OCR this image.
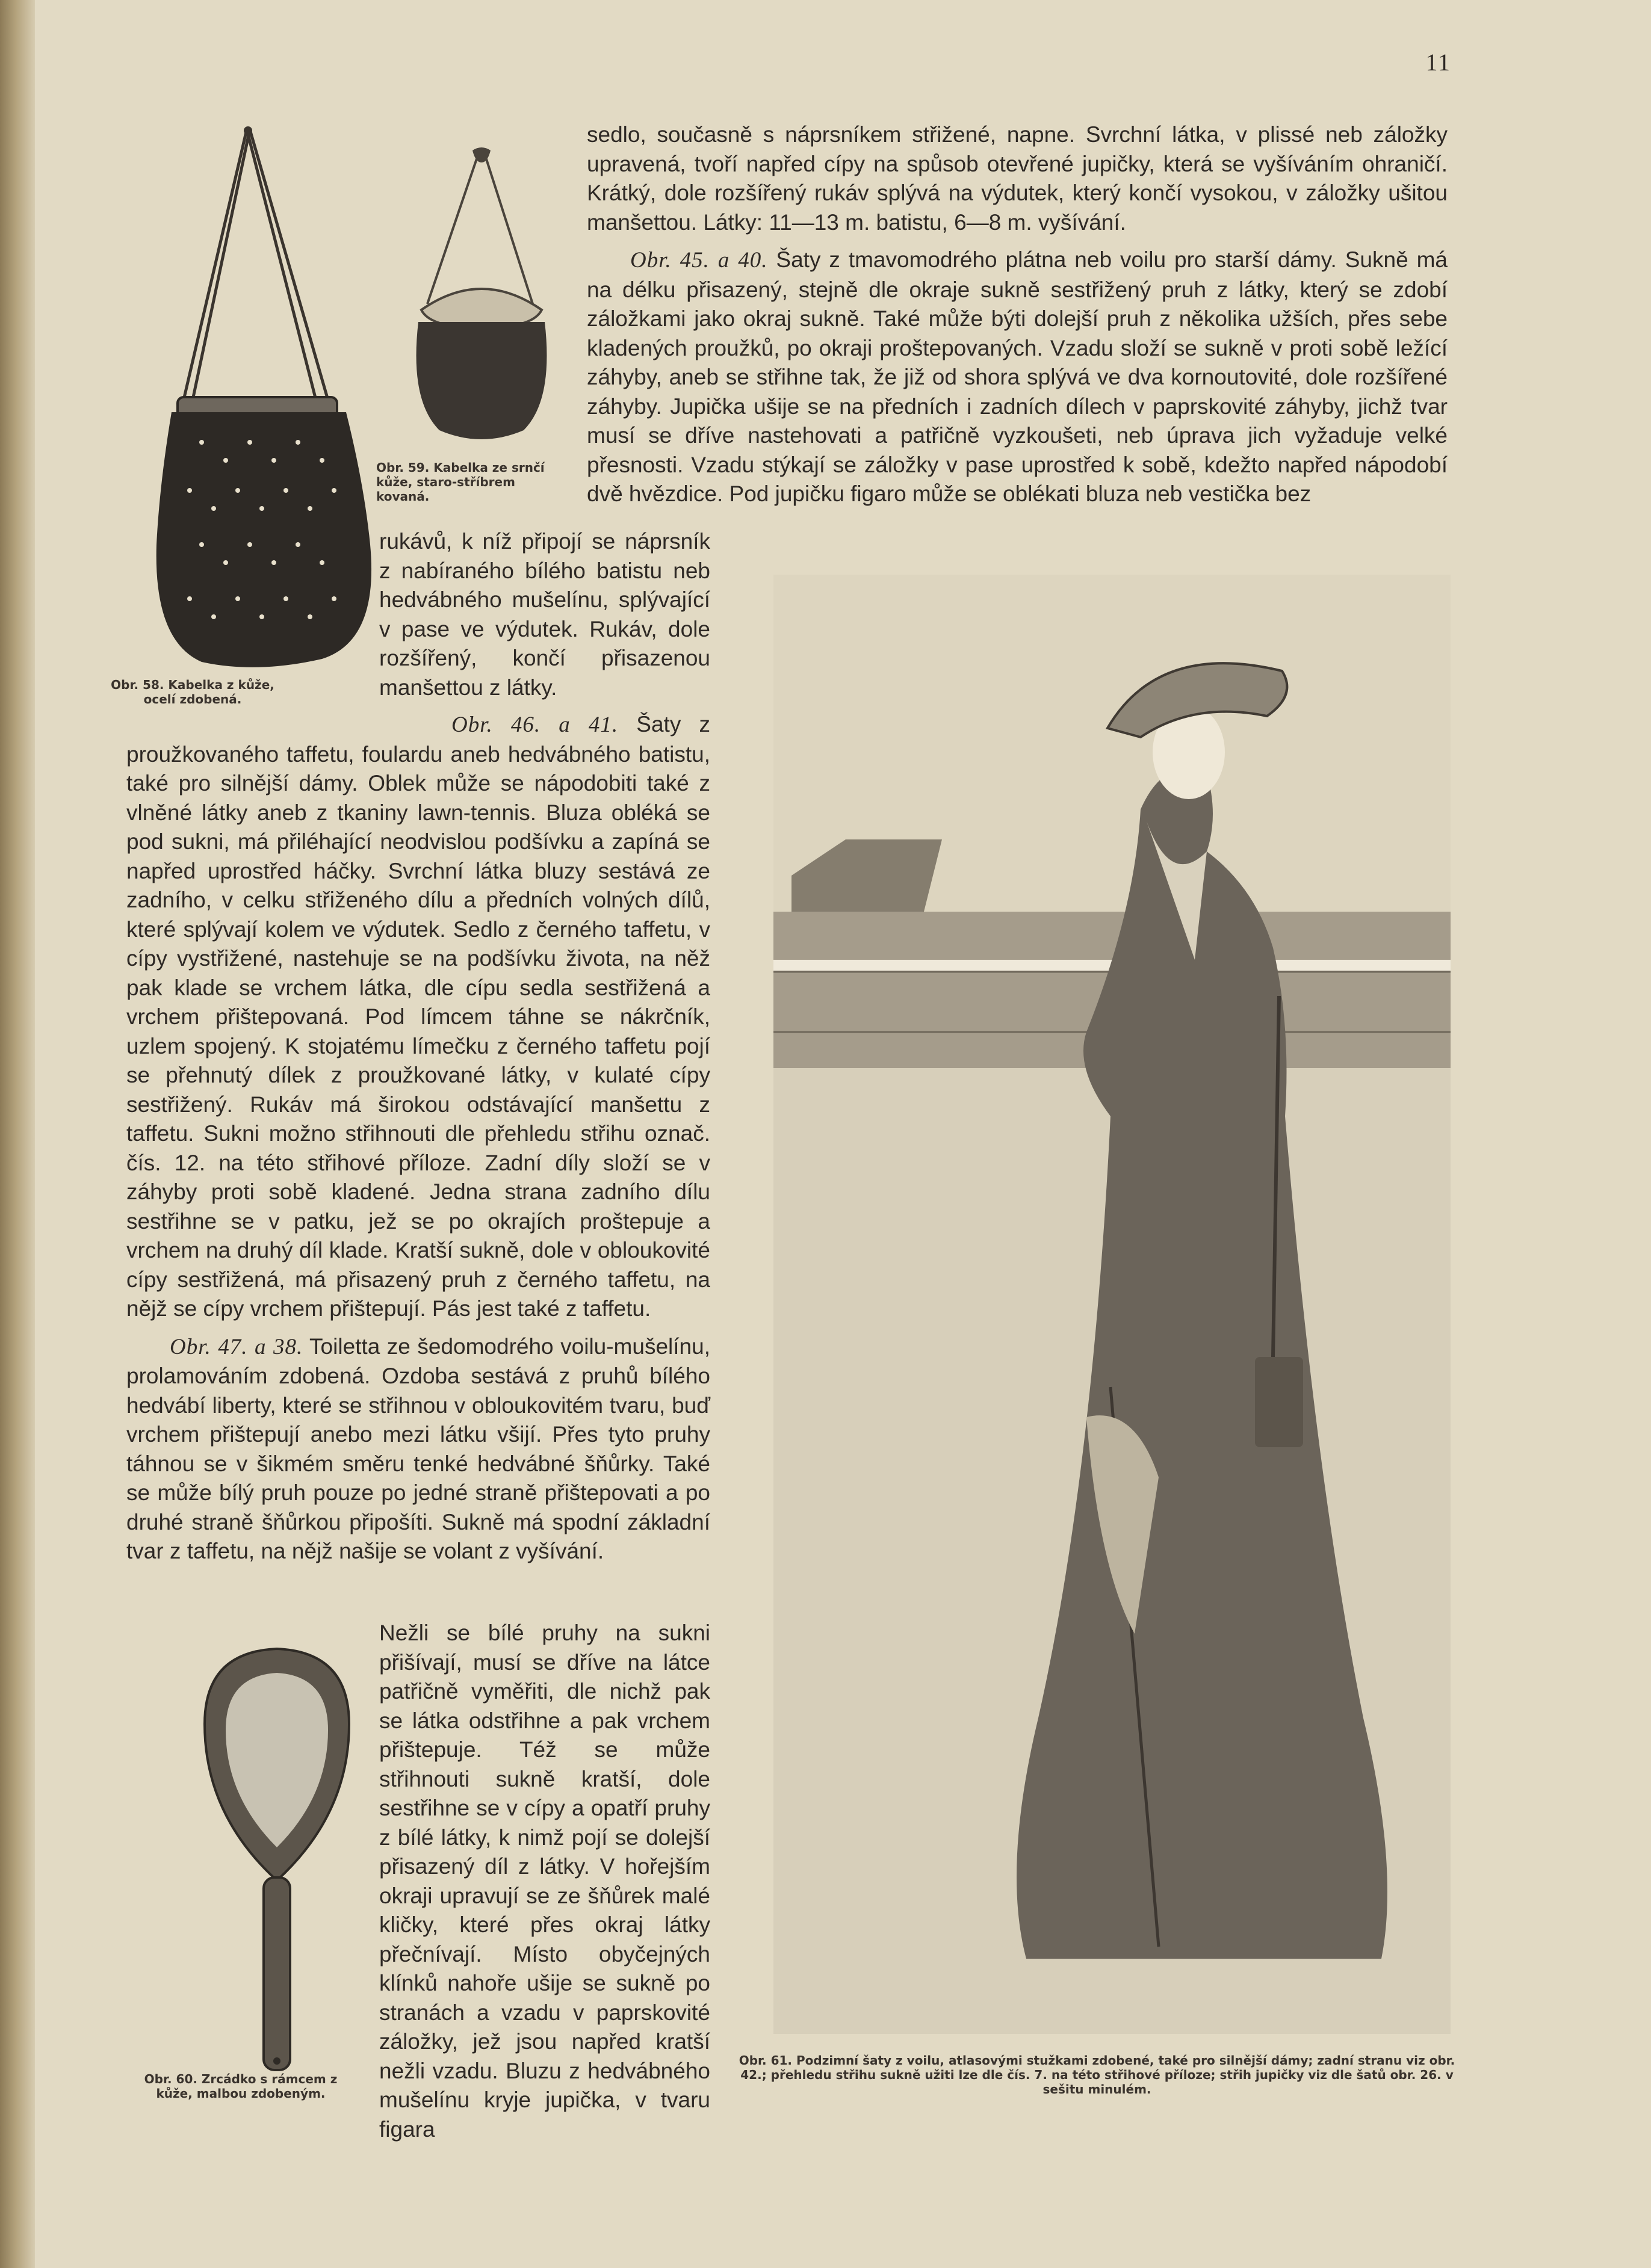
11
Obr. 58. Kabelka z kůže, ocelí zdobená.
Obr. 59. Kabelka ze srnčí kůže, staro-stříbrem kovaná.
Obr. 60. Zrcádko s rámcem z kůže, malbou zdobeným.
Obr. 61. Podzimní šaty z voilu, atlasovými stužkami zdobené, také pro silnější dámy; zadní stranu viz obr. 42.; přehledu střihu sukně užiti lze dle čís. 7. na této střihové příloze; střih jupičky viz dle šatů obr. 26. v sešitu minulém.

sedlo, současně s náprsníkem střižené, napne. Svrchní látka, v plissé neb záložky upravená, tvoří napřed cípy na spůsob otevřené jupičky, která se vyšíváním ohraničí. Krátký, dole rozšířený rukáv splývá na výdutek, který končí vysokou, v záložky ušitou manšettou. Látky: 11—13 m. batistu, 6—8 m. vyšívání.

Obr. 45. a 40. Šaty z tmavomodrého plátna neb voilu pro starší dámy. Sukně má na délku přisazený, stejně dle okraje sukně sestřižený pruh z látky, který se zdobí záložkami jako okraj sukně. Také může býti dolejší pruh z několika užších, přes sebe kladených proužků, po okraji proštepovaných. Vzadu složí se sukně v proti sobě ležící záhyby, aneb se střihne tak, že již od shora splývá ve dva kornoutovité, dole rozšířené záhyby. Jupička ušije se na předních i zadních dílech v paprskovité záhyby, jichž tvar musí se dříve nastehovati a patřičně vyzkoušeti, neb úprava jich vyžaduje velké přesnosti. Vzadu stýkají se záložky v pase uprostřed k sobě, kdežto napřed nápodobí dvě hvězdice. Pod jupičku figaro může se oblékati bluza neb vestička bez

rukávů, k níž připojí se náprsník z nabíraného bílého batistu neb hedvábného mušelínu, splývající v pase ve výdutek. Rukáv, dole rozšířený, končí přisazenou manšettou z látky.

Obr. 46. a 41. Šaty z proužkovaného taffetu, foulardu aneb hedvábného batistu, také pro silnější dámy. Oblek může se nápodobiti také z vlněné látky aneb z tkaniny lawn-tennis. Bluza obléká se pod sukni, má přiléhající neodvislou podšívku a zapíná se napřed uprostřed háčky. Svrchní látka bluzy sestává ze zadního, v celku střiženého dílu a předních volných dílů, které splývají kolem ve výdutek. Sedlo z černého taffetu, v cípy vystřižené, nastehuje se na podšívku života, na něž pak klade se vrchem látka, dle cípu sedla sestřižená a vrchem přištepovaná. Pod límcem táhne se nákrčník, uzlem spojený. K stojatému límečku z černého taffetu pojí se přehnutý dílek z proužkované látky, v kulaté cípy sestřižený. Rukáv má širokou odstávající manšettu z taffetu. Sukni možno střihnouti dle přehledu střihu označ. čís. 12. na této střihové příloze. Zadní díly složí se v záhyby proti sobě kladené. Jedna strana zadního dílu sestřihne se v patku, jež se po okrajích proštepuje a vrchem na druhý díl klade. Kratší sukně, dole v obloukovité cípy sestřižená, má přisazený pruh z černého taffetu, na nějž se cípy vrchem přištepují. Pás jest také z taffetu.

Obr. 47. a 38. Toiletta ze šedomodrého voilu-mušelínu, prolamováním zdobená. Ozdoba sestává z pruhů bílého hedvábí liberty, které se střihnou v obloukovitém tvaru, buď vrchem přištepují anebo mezi látku všijí. Přes tyto pruhy táhnou se v šikmém směru tenké hedvábné šňůrky. Také se může bílý pruh pouze po jedné straně přištepovati a po druhé straně šňůrkou připošíti. Sukně má spodní základní tvar z taffetu, na nějž našije se volant z vyšívání.

Nežli se bílé pruhy na sukni přišívají, musí se dříve na látce patřičně vyměřiti, dle nichž pak se látka odstřihne a pak vrchem přištepuje. Též se může střihnouti sukně kratší, dole sestřihne se v cípy a opatří pruhy z bílé látky, k nimž pojí se dolejší přisazený díl z látky. V hořejším okraji upravují se ze šňůrek malé kličky, které přes okraj látky přečnívají. Místo obyčejných klínků nahoře ušije se sukně po stranách a vzadu v paprskovité záložky, jež jsou napřed kratší nežli vzadu. Bluzu z hedvábného mušelínu kryje jupička, v tvaru figara
